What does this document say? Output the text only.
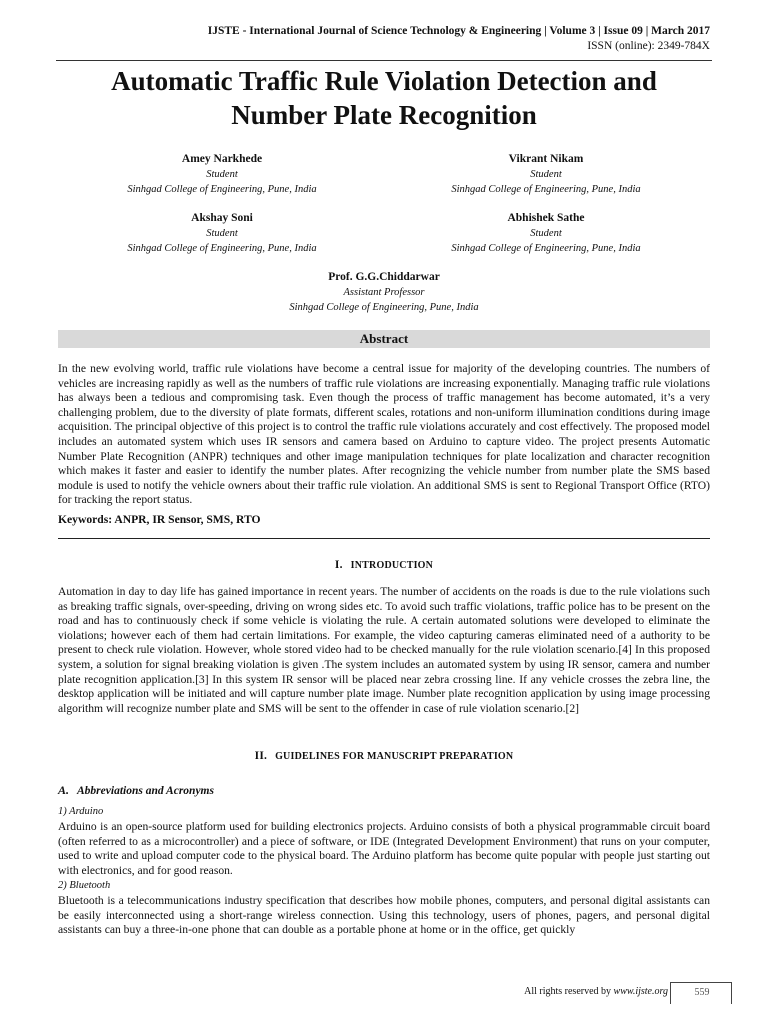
IJSTE - International Journal of Science Technology & Engineering | Volume 3 | Issue 09 | March 2017
ISSN (online): 2349-784X
Automatic Traffic Rule Violation Detection and
Number Plate Recognition
Amey Narkhede
Student
Sinhgad College of Engineering, Pune, India
Vikrant Nikam
Student
Sinhgad College of Engineering, Pune, India
Akshay Soni
Student
Sinhgad College of Engineering, Pune, India
Abhishek Sathe
Student
Sinhgad College of Engineering, Pune, India
Prof. G.G.Chiddarwar
Assistant Professor
Sinhgad College of Engineering, Pune, India
Abstract
In the new evolving world, traffic rule violations have become a central issue for majority of the developing countries. The numbers of vehicles are increasing rapidly as well as the numbers of traffic rule violations are increasing exponentially. Managing traffic rule violations has always been a tedious and compromising task. Even though the process of traffic management has become automated, it’s a very challenging problem, due to the diversity of plate formats, different scales, rotations and non-uniform illumination conditions during image acquisition. The principal objective of this project is to control the traffic rule violations accurately and cost effectively. The proposed model includes an automated system which uses IR sensors and camera based on Arduino to capture video. The project presents Automatic Number Plate Recognition (ANPR) techniques and other image manipulation techniques for plate localization and character recognition which makes it faster and easier to identify the number plates. After recognizing the vehicle number from number plate the SMS based module is used to notify the vehicle owners about their traffic rule violation. An additional SMS is sent to Regional Transport Office (RTO) for tracking the report status.
Keywords: ANPR, IR Sensor, SMS, RTO
I. INTRODUCTION
Automation in day to day life has gained importance in recent years. The number of accidents on the roads is due to the rule violations such as breaking traffic signals, over-speeding, driving on wrong sides etc. To avoid such traffic violations, traffic police has to be present on the road and has to continuously check if some vehicle is violating the rule. A certain automated solutions were developed to eliminate the violations; however each of them had certain limitations. For example, the video capturing cameras eliminated need of a authority to be present to check rule violation. However, whole stored video had to be checked manually for the rule violation scenario.[4] In this proposed system, a solution for signal breaking violation is given .The system includes an automated system by using IR sensor, camera and number plate recognition application.[3] In this system IR sensor will be placed near zebra crossing line. If any vehicle crosses the zebra line, the desktop application will be initiated and will capture number plate image. Number plate recognition application by using image processing algorithm will recognize number plate and SMS will be sent to the offender in case of rule violation scenario.[2]
II. GUIDELINES FOR MANUSCRIPT PREPARATION
A. Abbreviations and Acronyms
1) Arduino
Arduino is an open-source platform used for building electronics projects. Arduino consists of both a physical programmable circuit board (often referred to as a microcontroller) and a piece of software, or IDE (Integrated Development Environment) that runs on your computer, used to write and upload computer code to the physical board. The Arduino platform has become quite popular with people just starting out with electronics, and for good reason.
2) Bluetooth
Bluetooth is a telecommunications industry specification that describes how mobile phones, computers, and personal digital assistants can be easily interconnected using a short-range wireless connection. Using this technology, users of phones, pagers, and personal digital assistants can buy a three-in-one phone that can double as a portable phone at home or in the office, get quickly
All rights reserved by www.ijste.org	559
